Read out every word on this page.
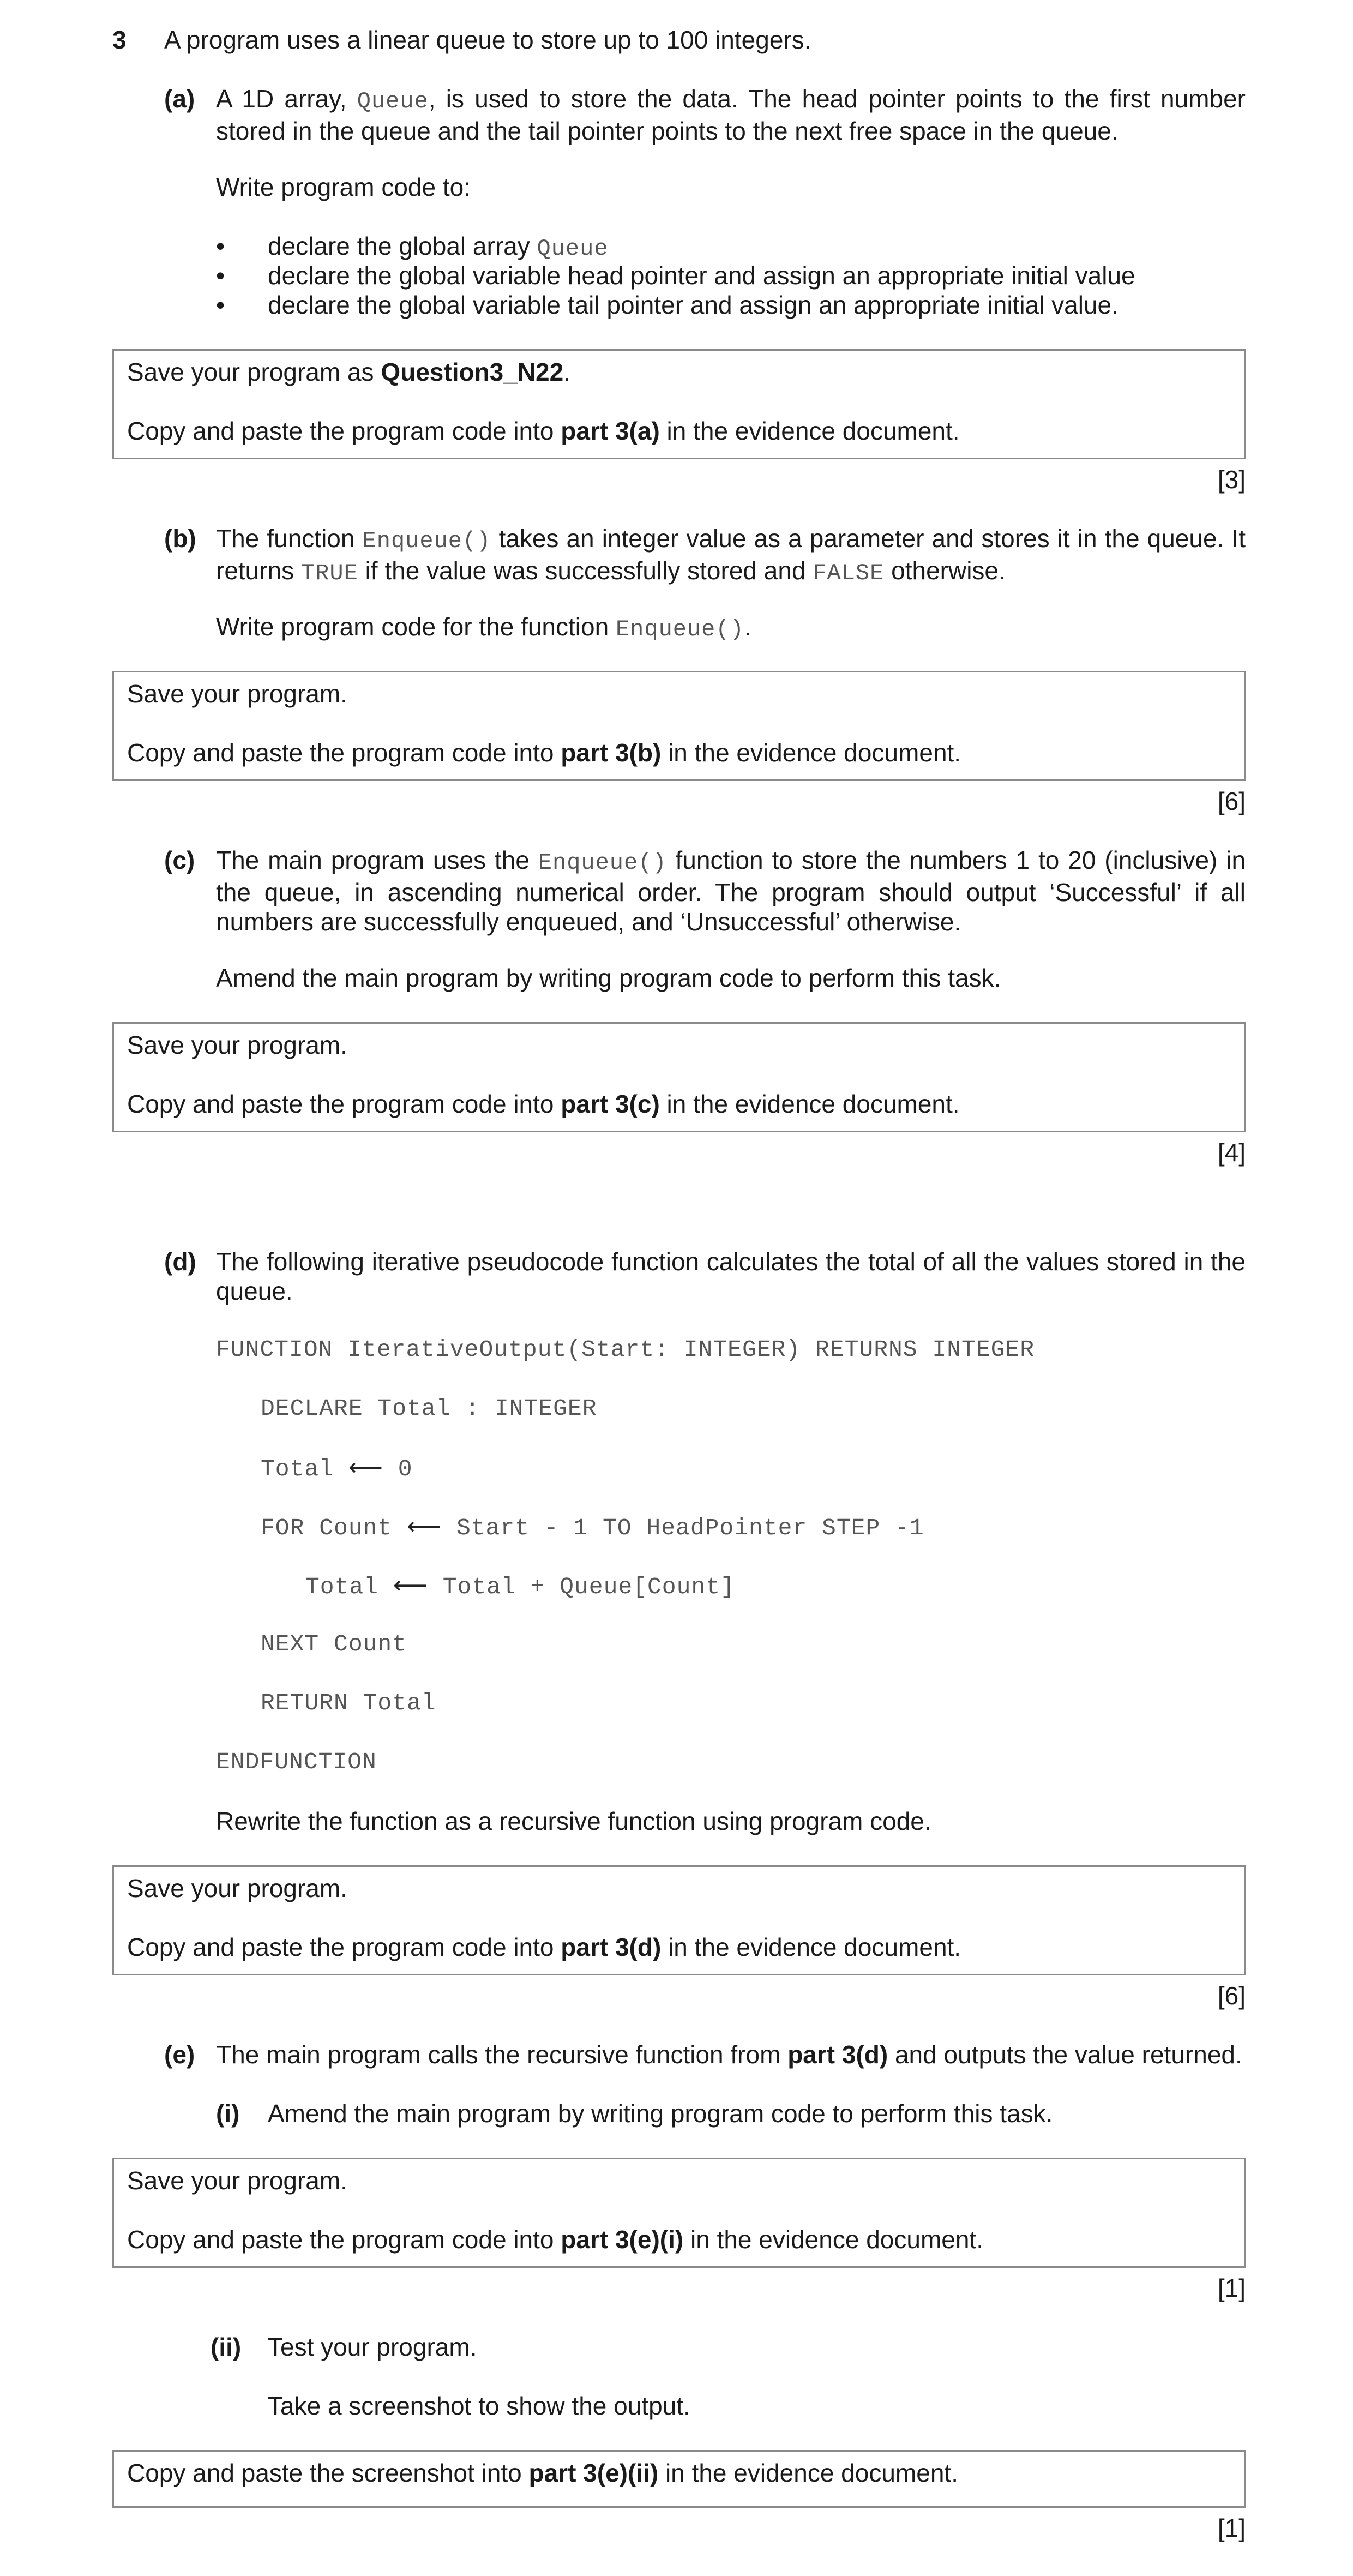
3 A program uses a linear queue to store up to 100 integers.
(a) A 1D array, Queue, is used to store the data. The head pointer points to the first number stored in the queue and the tail pointer points to the next free space in the queue.
Write program code to:
• declare the global array Queue
• declare the global variable head pointer and assign an appropriate initial value
• declare the global variable tail pointer and assign an appropriate initial value.
Save your program as Question3_N22.
Copy and paste the program code into part 3(a) in the evidence document.
[3]
(b) The function Enqueue() takes an integer value as a parameter and stores it in the queue. It returns TRUE if the value was successfully stored and FALSE otherwise.
Write program code for the function Enqueue().
Save your program.
Copy and paste the program code into part 3(b) in the evidence document.
[6]
(c) The main program uses the Enqueue() function to store the numbers 1 to 20 (inclusive) in the queue, in ascending numerical order. The program should output ‘Successful’ if all numbers are successfully enqueued, and ‘Unsuccessful’ otherwise.
Amend the main program by writing program code to perform this task.
Save your program.
Copy and paste the program code into part 3(c) in the evidence document.
[4]
(d) The following iterative pseudocode function calculates the total of all the values stored in the queue.
FUNCTION IterativeOutput(Start: INTEGER) RETURNS INTEGER
DECLARE Total : INTEGER
Total ⟵ 0
FOR Count ⟵ Start - 1 TO HeadPointer STEP -1
Total ⟵ Total + Queue[Count]
NEXT Count
RETURN Total
ENDFUNCTION
Rewrite the function as a recursive function using program code.
Save your program.
Copy and paste the program code into part 3(d) in the evidence document.
[6]
(e) The main program calls the recursive function from part 3(d) and outputs the value returned.
(i) Amend the main program by writing program code to perform this task.
Save your program.
Copy and paste the program code into part 3(e)(i) in the evidence document.
[1]
(ii) Test your program.
Take a screenshot to show the output.
Copy and paste the screenshot into part 3(e)(ii) in the evidence document.
[1]
